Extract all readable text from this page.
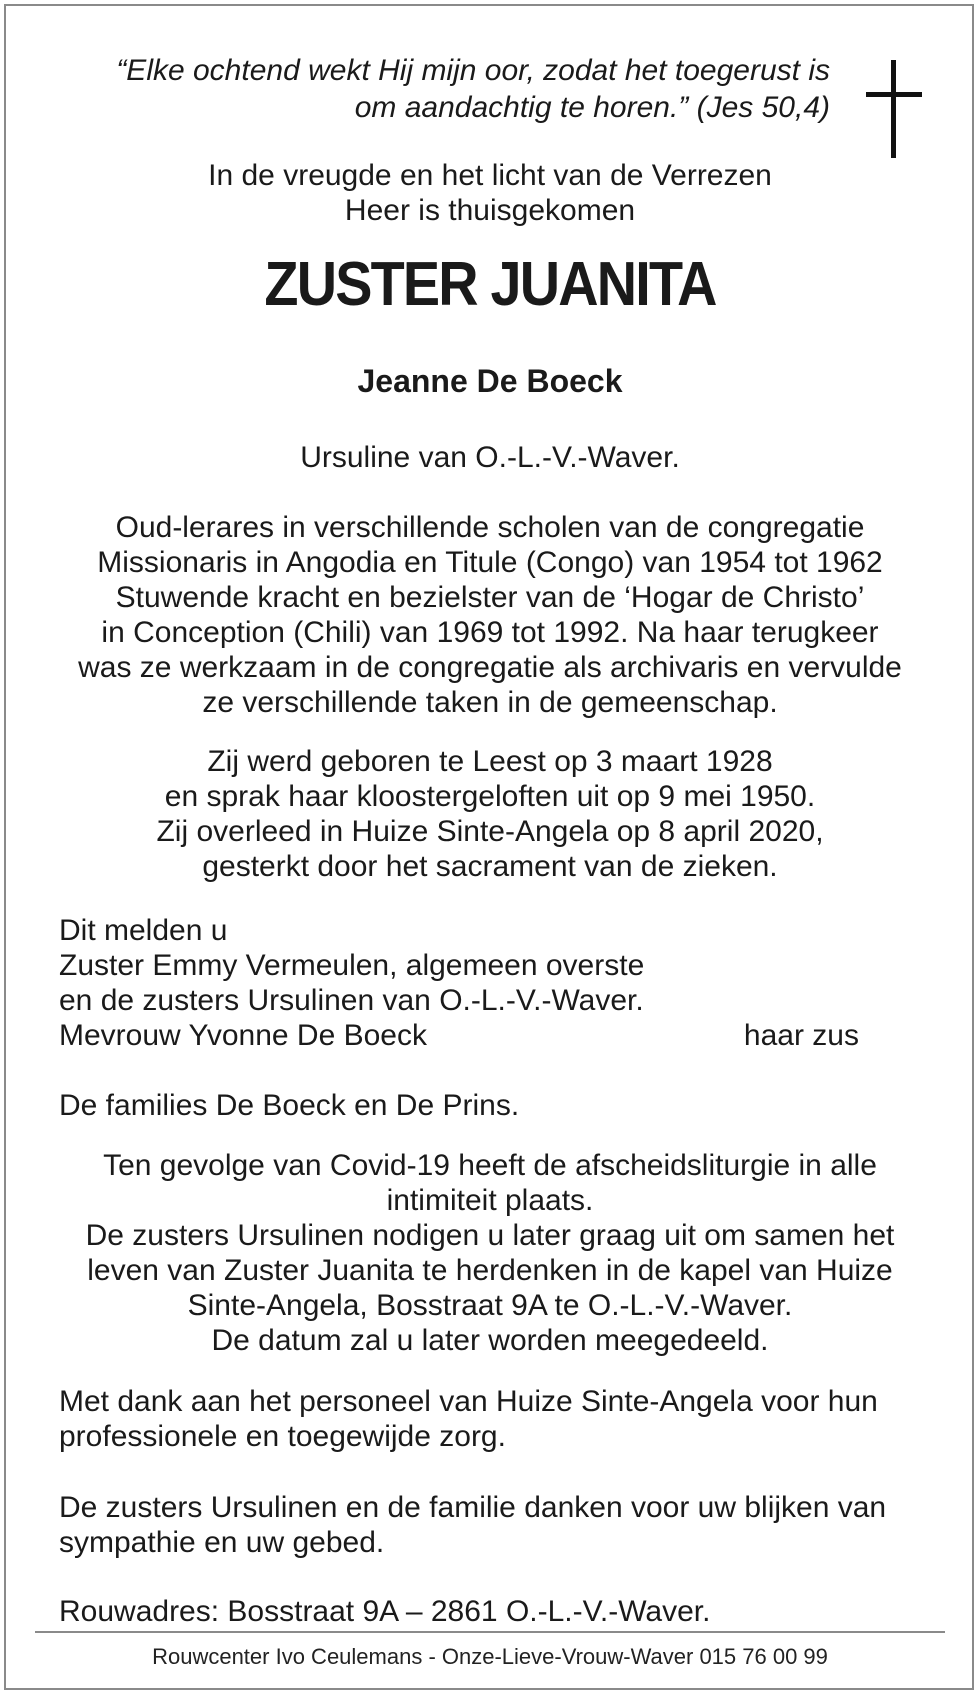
“Elke ochtend wekt Hij mijn oor, zodat het toegerust is
om aandachtig te horen.” (Jes 50,4)
In de vreugde en het licht van de Verrezen
Heer is thuisgekomen
ZUSTER JUANITA
Jeanne De Boeck
Ursuline van O.-L.-V.-Waver.
Oud-lerares in verschillende scholen van de congregatie
Missionaris in Angodia en Titule (Congo) van 1954 tot 1962
Stuwende kracht en bezielster van de ‘Hogar de Christo’
in Conception (Chili) van 1969 tot 1992. Na haar terugkeer
was ze werkzaam in de congregatie als archivaris en vervulde
ze verschillende taken in de gemeenschap.
Zij werd geboren te Leest op 3 maart 1928
en sprak haar kloostergeloften uit op 9 mei 1950.
Zij overleed in Huize Sinte-Angela op 8 april 2020,
gesterkt door het sacrament van de zieken.
Dit melden u
Zuster Emmy Vermeulen, algemeen overste
en de zusters Ursulinen van O.-L.-V.-Waver.
Mevrouw Yvonne De Boeck	haar zus
De families De Boeck en De Prins.
Ten gevolge van Covid-19 heeft de afscheidsliturgie in alle
intimiteit plaats.
De zusters Ursulinen nodigen u later graag uit om samen het
leven van Zuster Juanita te herdenken in de kapel van Huize
Sinte-Angela, Bosstraat 9A te O.-L.-V.-Waver.
De datum zal u later worden meegedeeld.
Met dank aan het personeel van Huize Sinte-Angela voor hun
professionele en toegewijde zorg.
De zusters Ursulinen en de familie danken voor uw blijken van
sympathie en uw gebed.
Rouwadres: Bosstraat 9A – 2861 O.-L.-V.-Waver.
Rouwcenter Ivo Ceulemans - Onze-Lieve-Vrouw-Waver 015 76 00 99
